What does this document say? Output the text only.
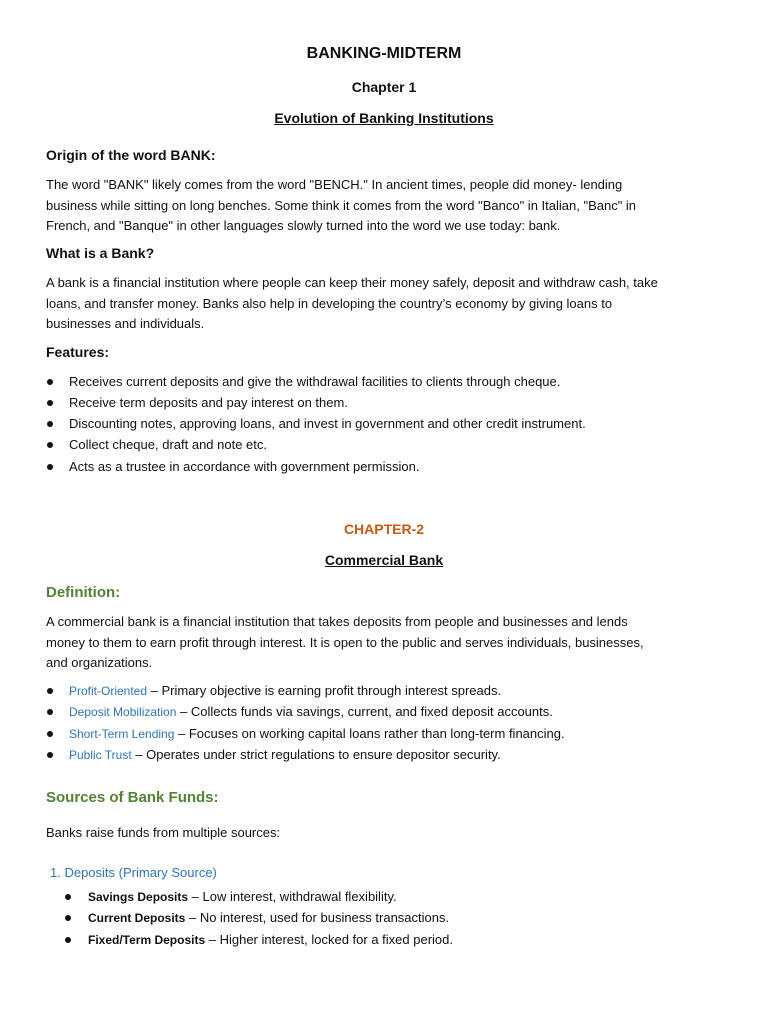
BANKING-MIDTERM
Chapter 1
Evolution of Banking Institutions
Origin of the word BANK:
The word "BANK" likely comes from the word "BENCH." In ancient times, people did money- lending
business while sitting on long benches. Some think it comes from the word "Banco" in Italian, "Banc" in
French, and "Banque" in other languages slowly turned into the word we use today: bank.
What is a Bank?
A bank is a financial institution where people can keep their money safely, deposit and withdraw cash, take
loans, and transfer money. Banks also help in developing the country’s economy by giving loans to
businesses and individuals.
Features:
Receives current deposits and give the withdrawal facilities to clients through cheque.
Receive term deposits and pay interest on them.
Discounting notes, approving loans, and invest in government and other credit instrument.
Collect cheque, draft and note etc.
Acts as a trustee in accordance with government permission.
CHAPTER-2
Commercial Bank
Definition:
A commercial bank is a financial institution that takes deposits from people and businesses and lends
money to them to earn profit through interest. It is open to the public and serves individuals, businesses,
and organizations.
Profit-Oriented – Primary objective is earning profit through interest spreads.
Deposit Mobilization – Collects funds via savings, current, and fixed deposit accounts.
Short-Term Lending – Focuses on working capital loans rather than long-term financing.
Public Trust – Operates under strict regulations to ensure depositor security.
Sources of Bank Funds:
Banks raise funds from multiple sources:
1. Deposits (Primary Source)
Savings Deposits – Low interest, withdrawal flexibility.
Current Deposits – No interest, used for business transactions.
Fixed/Term Deposits – Higher interest, locked for a fixed period.
